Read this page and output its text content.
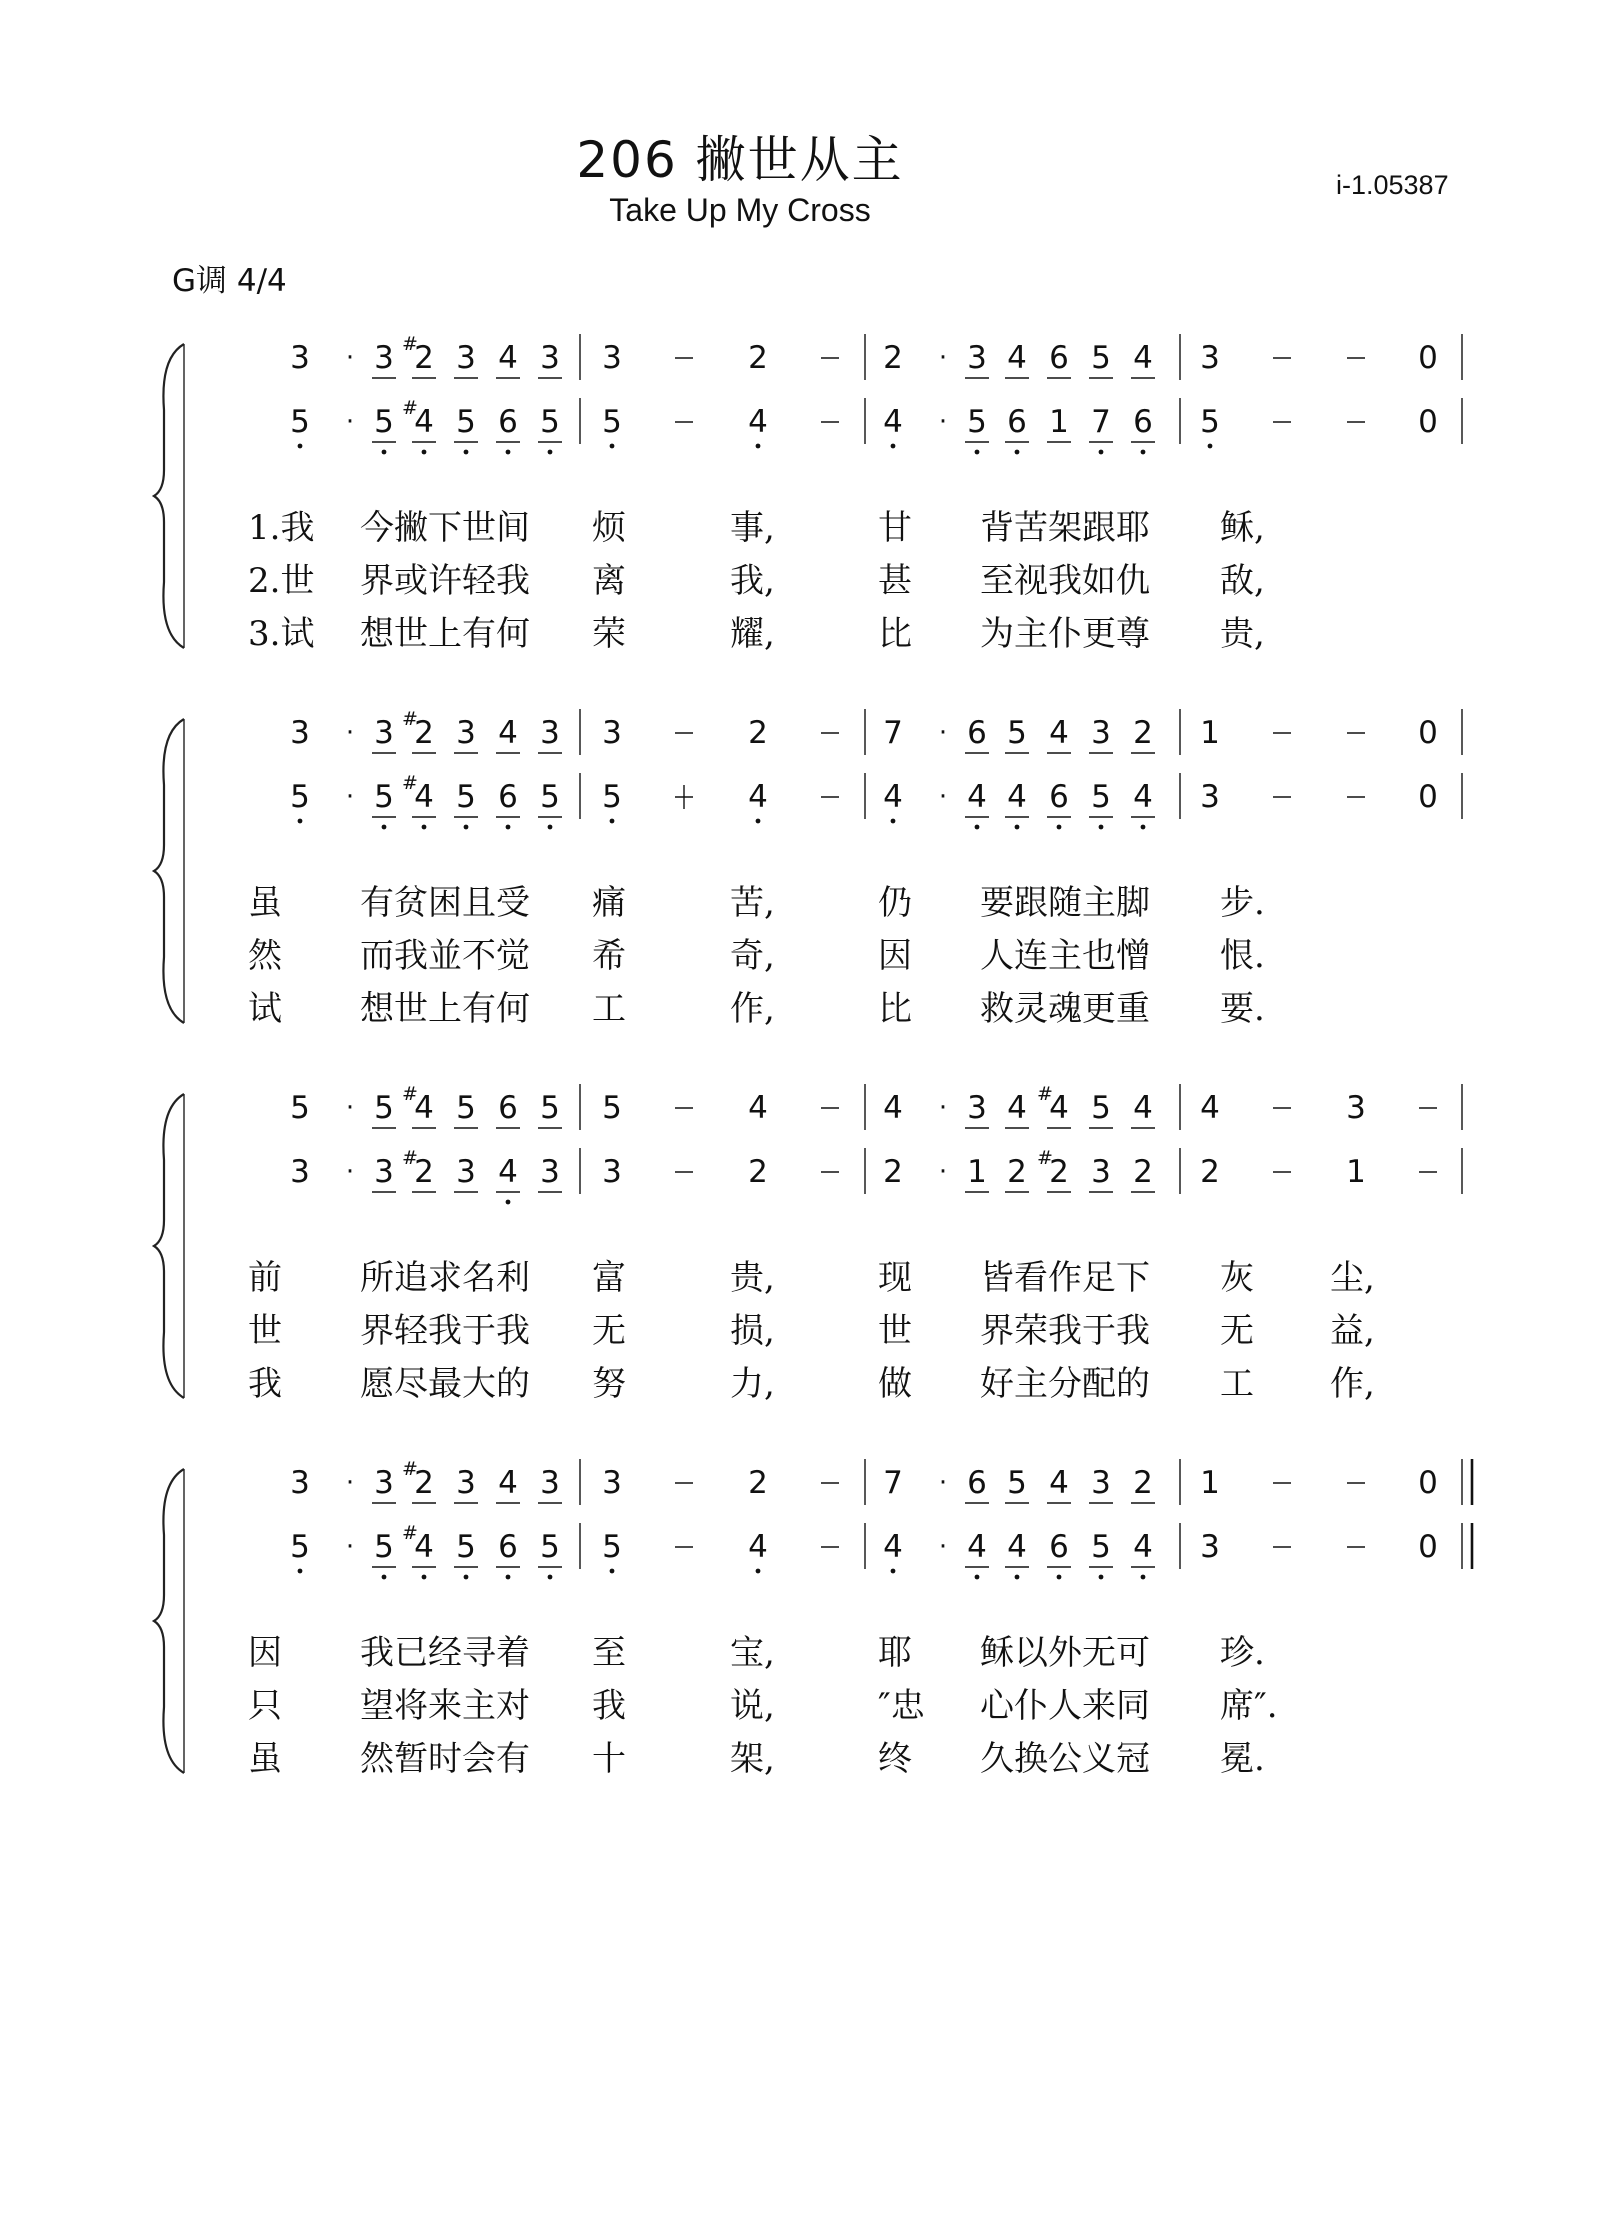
206 撇世从主
Take Up My Cross
i-1.05387
G调 4/4
3 · 3 2
# 3 4 3 3	2	2 · 3 4 6 5 4 3	0
5 · 5 4
# 5 6 5 5	4	4 · 5 6 1 7 6 5	0
1.我 今撇下世间 烦	事,	甘 背苦架跟耶 稣,
2.世 界或许轻我 离	我,	甚 至视我如仇 敌,
3.试 想世上有何 荣	耀,	比 为主仆更尊 贵,
3 · 3 2
# 3 4 3 3	2	7 · 6 5 4 3 2 1	0
5 · 5 4
# 5 6 5 5	4	4 · 4 4 6 5 4 3	0
虽 有贫困且受 痛	苦,	仍 要跟随主脚 步.
然 而我並不觉 希	奇,	因 人连主也憎 恨.
试 想世上有何 工	作,	比 救灵魂更重 要.
5 · 5 4
# 5 6 5 5	4	4 · 3 4 4
# 5 4 4	3
3 · 3 2
# 3 4 3 3	2	2 · 1 2 2
# 3 2 2	1
前 所追求名利 富	贵,	现 皆看作足下 灰 尘,
世 界轻我于我 无	损,	世 界荣我于我 无 益,
我 愿尽最大的 努	力,	做 好主分配的 工 作,
3 · 3 2
# 3 4 3 3	2	7 · 6 5 4 3 2 1	0
5 · 5 4
# 5 6 5 5	4	4 · 4 4 6 5 4 3	0
因 我已经寻着 至	宝,	耶 稣以外无可 珍.
只 望将来主对 我	说,	″忠 心仆人来同 席″.
虽 然暂时会有 十	架,	终 久换公义冠 冕.
